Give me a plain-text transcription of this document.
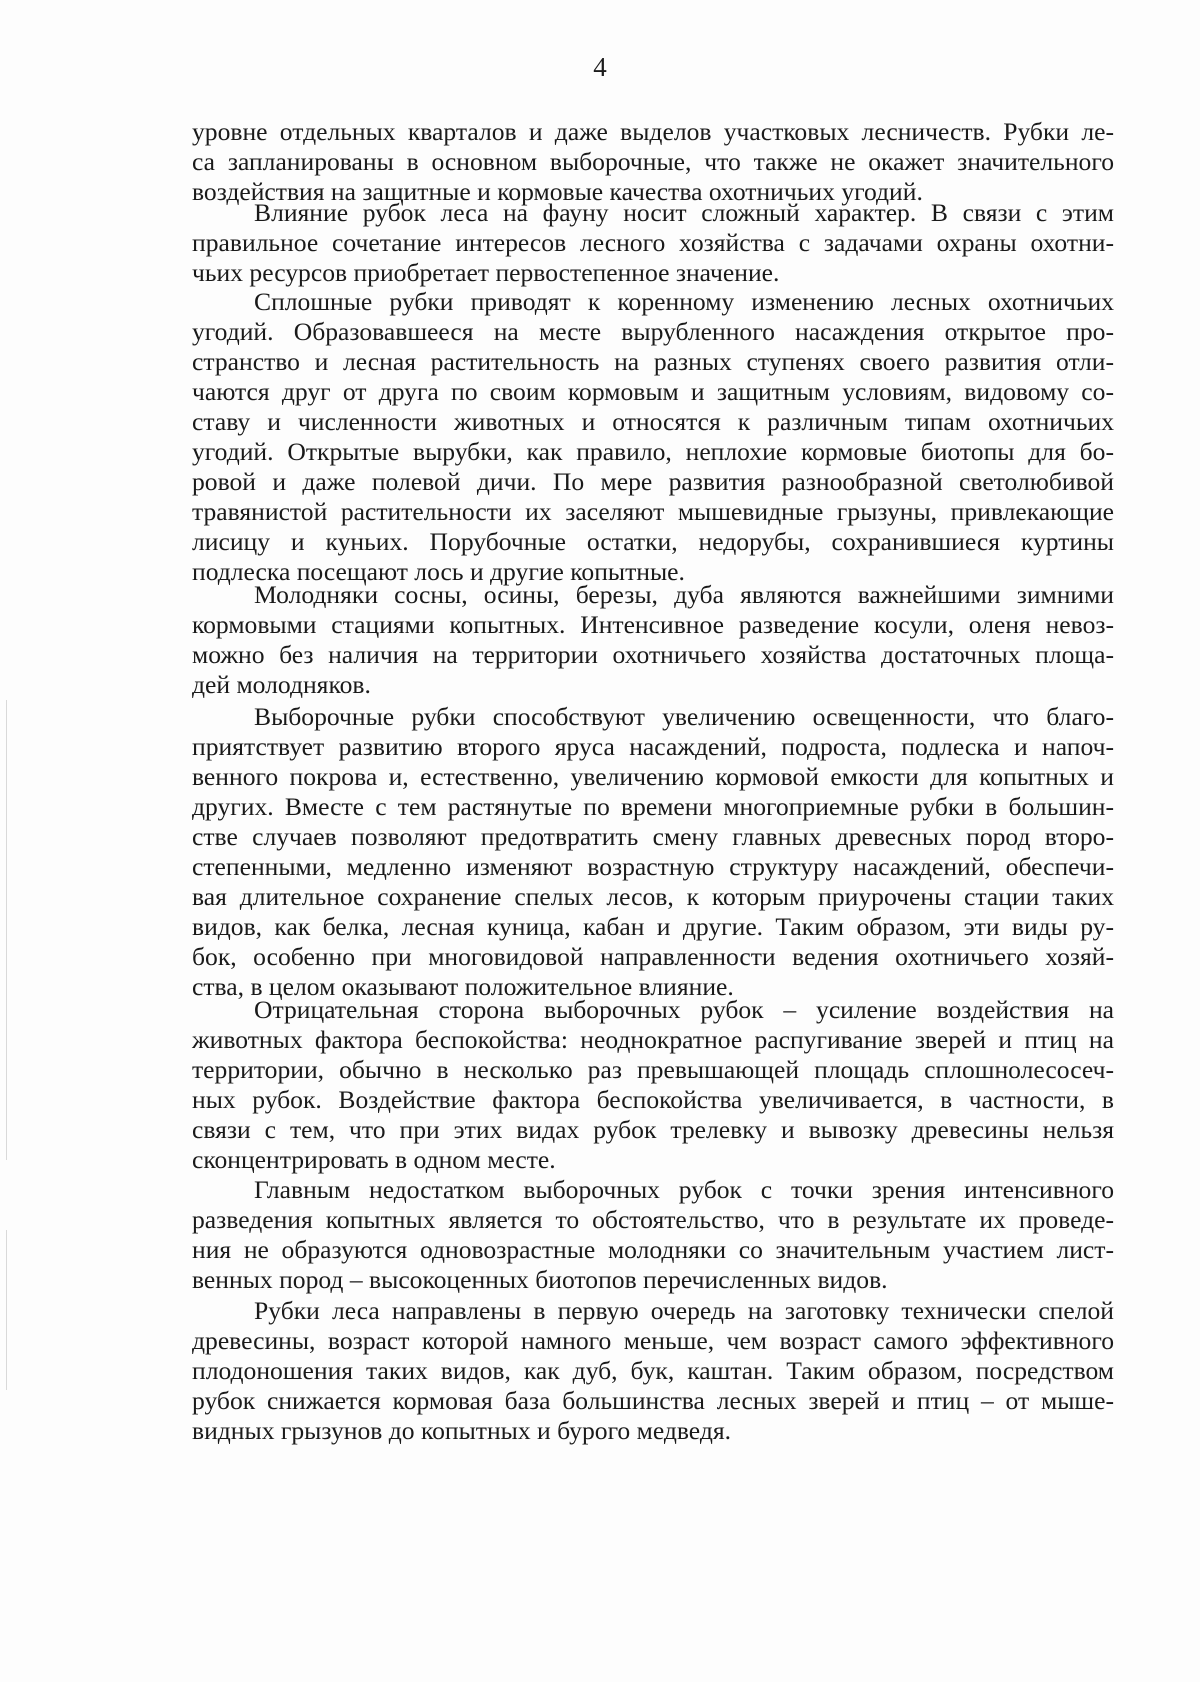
4

уровне отдельных кварталов и даже выделов участковых лесничеств. Рубки ле-

са запланированы в основном выборочные, что также не окажет значительного

воздействия на защитные и кормовые качества охотничьих угодий.

Влияние рубок леса на фауну носит сложный характер. В связи с этим

правильное сочетание интересов лесного хозяйства с задачами охраны охотни-

чьих ресурсов приобретает первостепенное значение.

Сплошные рубки приводят к коренному изменению лесных охотничьих

угодий. Образовавшееся на месте вырубленного насаждения открытое про-

странство и лесная растительность на разных ступенях своего развития отли-

чаются друг от друга по своим кормовым и защитным условиям, видовому со-

ставу и численности животных и относятся к различным типам охотничьих

угодий. Открытые вырубки, как правило, неплохие кормовые биотопы для бо-

ровой и даже полевой дичи. По мере развития разнообразной светолюбивой

травянистой растительности их заселяют мышевидные грызуны, привлекающие

лисицу и куньих. Порубочные остатки, недорубы, сохранившиеся куртины

подлеска посещают лось и другие копытные.

Молодняки сосны, осины, березы, дуба являются важнейшими зимними

кормовыми стациями копытных. Интенсивное разведение косули, оленя невоз-

можно без наличия на территории охотничьего хозяйства достаточных площа-

дей молодняков.

Выборочные рубки способствуют увеличению освещенности, что благо-

приятствует развитию второго яруса насаждений, подроста, подлеска и напоч-

венного покрова и, естественно, увеличению кормовой емкости для копытных и

других. Вместе с тем растянутые по времени многоприемные рубки в большин-

стве случаев позволяют предотвратить смену главных древесных пород второ-

степенными, медленно изменяют возрастную структуру насаждений, обеспечи-

вая длительное сохранение спелых лесов, к которым приурочены стации таких

видов, как белка, лесная куница, кабан и другие. Таким образом, эти виды ру-

бок, особенно при многовидовой направленности ведения охотничьего хозяй-

ства, в целом оказывают положительное влияние.

Отрицательная сторона выборочных рубок – усиление воздействия на

животных фактора беспокойства: неоднократное распугивание зверей и птиц на

территории, обычно в несколько раз превышающей площадь сплошнолесосеч-

ных рубок. Воздействие фактора беспокойства увеличивается, в частности, в

связи с тем, что при этих видах рубок трелевку и вывозку древесины нельзя

сконцентрировать в одном месте.

Главным недостатком выборочных рубок с точки зрения интенсивного

разведения копытных является то обстоятельство, что в результате их проведе-

ния не образуются одновозрастные молодняки со значительным участием лист-

венных пород – высокоценных биотопов перечисленных видов.

Рубки леса направлены в первую очередь на заготовку технически спелой

древесины, возраст которой намного меньше, чем возраст самого эффективного

плодоношения таких видов, как дуб, бук, каштан. Таким образом, посредством

рубок снижается кормовая база большинства лесных зверей и птиц – от мыше-

видных грызунов до копытных и бурого медведя.
